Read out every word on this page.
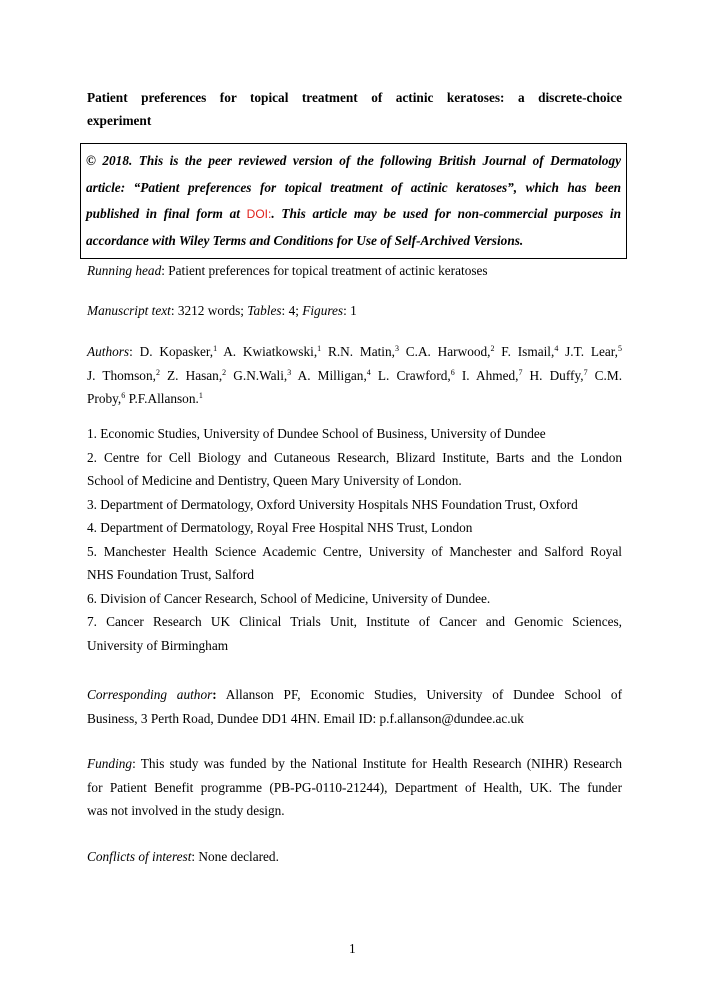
Patient preferences for topical treatment of actinic keratoses: a discrete-choice
experiment
© 2018. This is the peer reviewed version of the following British Journal of Dermatology
article: “Patient preferences for topical treatment of actinic keratoses”, which has been
published in final form at DOI:. This article may be used for non-commercial purposes in
accordance with Wiley Terms and Conditions for Use of Self-Archived Versions.
Running head: Patient preferences for topical treatment of actinic keratoses
Manuscript text: 3212 words; Tables: 4; Figures: 1
Authors: D. Kopasker,$^1$ A. Kwiatkowski,$^1$ R.N. Matin,$^3$ C.A. Harwood,$^2$ F. Ismail,$^4$ J.T. Lear,$^5$
J. Thomson,$^2$ Z. Hasan,$^2$ G.N.Wali,$^3$ A. Milligan,$^4$ L. Crawford,$^6$ I. Ahmed,$^7$ H. Duffy,$^7$ C.M.
Proby,$^6$ P.F.Allanson.$^1$
1. Economic Studies, University of Dundee School of Business, University of Dundee
2. Centre for Cell Biology and Cutaneous Research, Blizard Institute, Barts and the London
School of Medicine and Dentistry, Queen Mary University of London.
3. Department of Dermatology, Oxford University Hospitals NHS Foundation Trust, Oxford
4. Department of Dermatology, Royal Free Hospital NHS Trust, London
5. Manchester Health Science Academic Centre, University of Manchester and Salford Royal
NHS Foundation Trust, Salford
6. Division of Cancer Research, School of Medicine, University of Dundee.
7. Cancer Research UK Clinical Trials Unit, Institute of Cancer and Genomic Sciences,
University of Birmingham
Corresponding author: Allanson PF, Economic Studies, University of Dundee School of
Business, 3 Perth Road, Dundee DD1 4HN. Email ID: p.f.allanson@dundee.ac.uk
Funding: This study was funded by the National Institute for Health Research (NIHR) Research
for Patient Benefit programme (PB-PG-0110-21244), Department of Health, UK. The funder
was not involved in the study design.
Conflicts of interest: None declared.
1
